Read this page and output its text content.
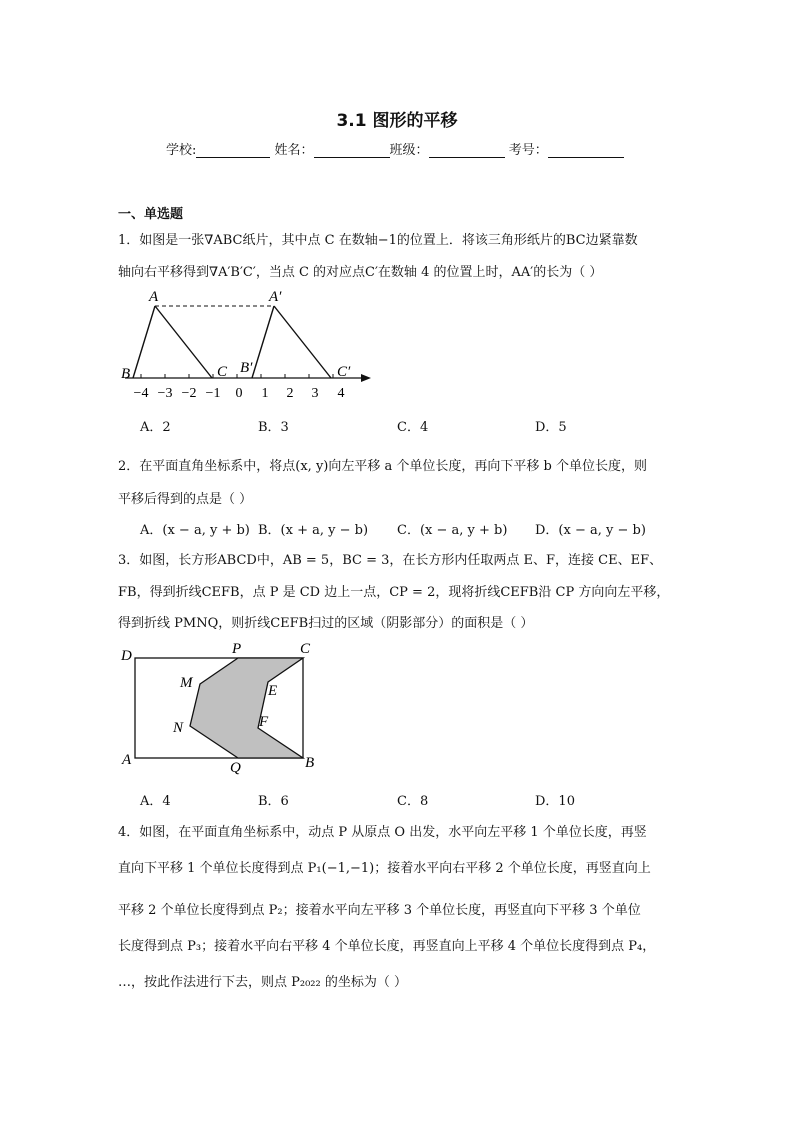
3.1 图形的平移
学校:	姓名：	班级：	考号：
一、单选题
1．如图是一张∇ABC纸片，其中点 C 在数轴−1的位置上．将该三角形纸片的BC边紧靠数
轴向右平移得到∇A′B′C′，当点 C 的对应点C′在数轴 4 的位置上时，AA′的长为（ ）
A	A′
B	B′
C	C′
−4 −3 −2 −1 0 1 2 3 4
A．2	B．3	C．4	D．5
2．在平面直角坐标系中，将点(x, y)向左平移 a 个单位长度，再向下平移 b 个单位长度，则
平移后得到的点是（ ）
A．(x − a, y + b) B．(x + a, y − b) C．(x − a, y + b) D．(x − a, y − b)
3．如图，长方形ABCD中，AB = 5，BC = 3，在长方形内任取两点 E、F，连接 CE、EF、
FB，得到折线CEFB，点 P 是 CD 边上一点，CP = 2，现将折线CEFB沿 CP 方向向左平移，
得到折线 PMNQ，则折线CEFB扫过的区域（阴影部分）的面积是（ ）
D	P	C
M	E
N	F
A	Q	B
A．4	B．6	C．8	D．10
4．如图，在平面直角坐标系中，动点 P 从原点 O 出发，水平向左平移 1 个单位长度，再竖
直向下平移 1 个单位长度得到点 P₁(−1,−1)；接着水平向右平移 2 个单位长度，再竖直向上
平移 2 个单位长度得到点 P₂；接着水平向左平移 3 个单位长度，再竖直向下平移 3 个单位
长度得到点 P₃；接着水平向右平移 4 个单位长度，再竖直向上平移 4 个单位长度得到点 P₄，
…，按此作法进行下去，则点 P₂₀₂₂ 的坐标为（ ）
